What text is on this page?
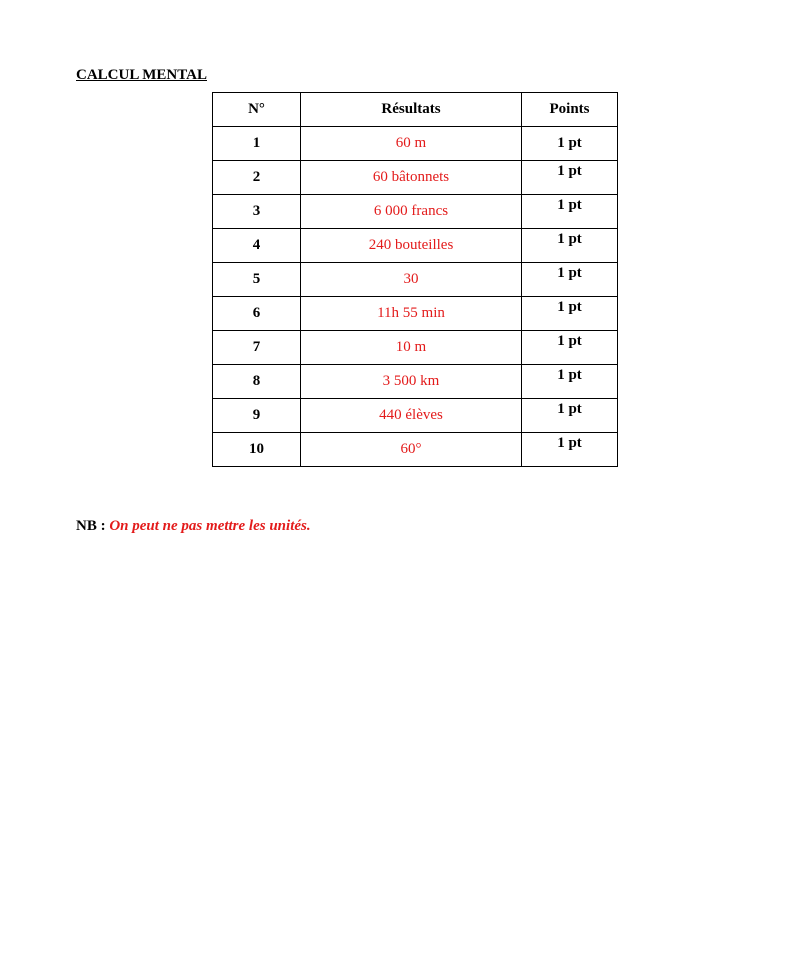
CALCUL MENTAL
N°	Résultats	Points
1	60 m	1 pt
2	60 bâtonnets	1 pt
3	6 000 francs	1 pt
4	240 bouteilles	1 pt
5	30	1 pt
6	11h 55 min	1 pt
7	10 m	1 pt
8	3 500 km	1 pt
9	440 élèves	1 pt
10	60°	1 pt
NB : On peut ne pas mettre les unités.
